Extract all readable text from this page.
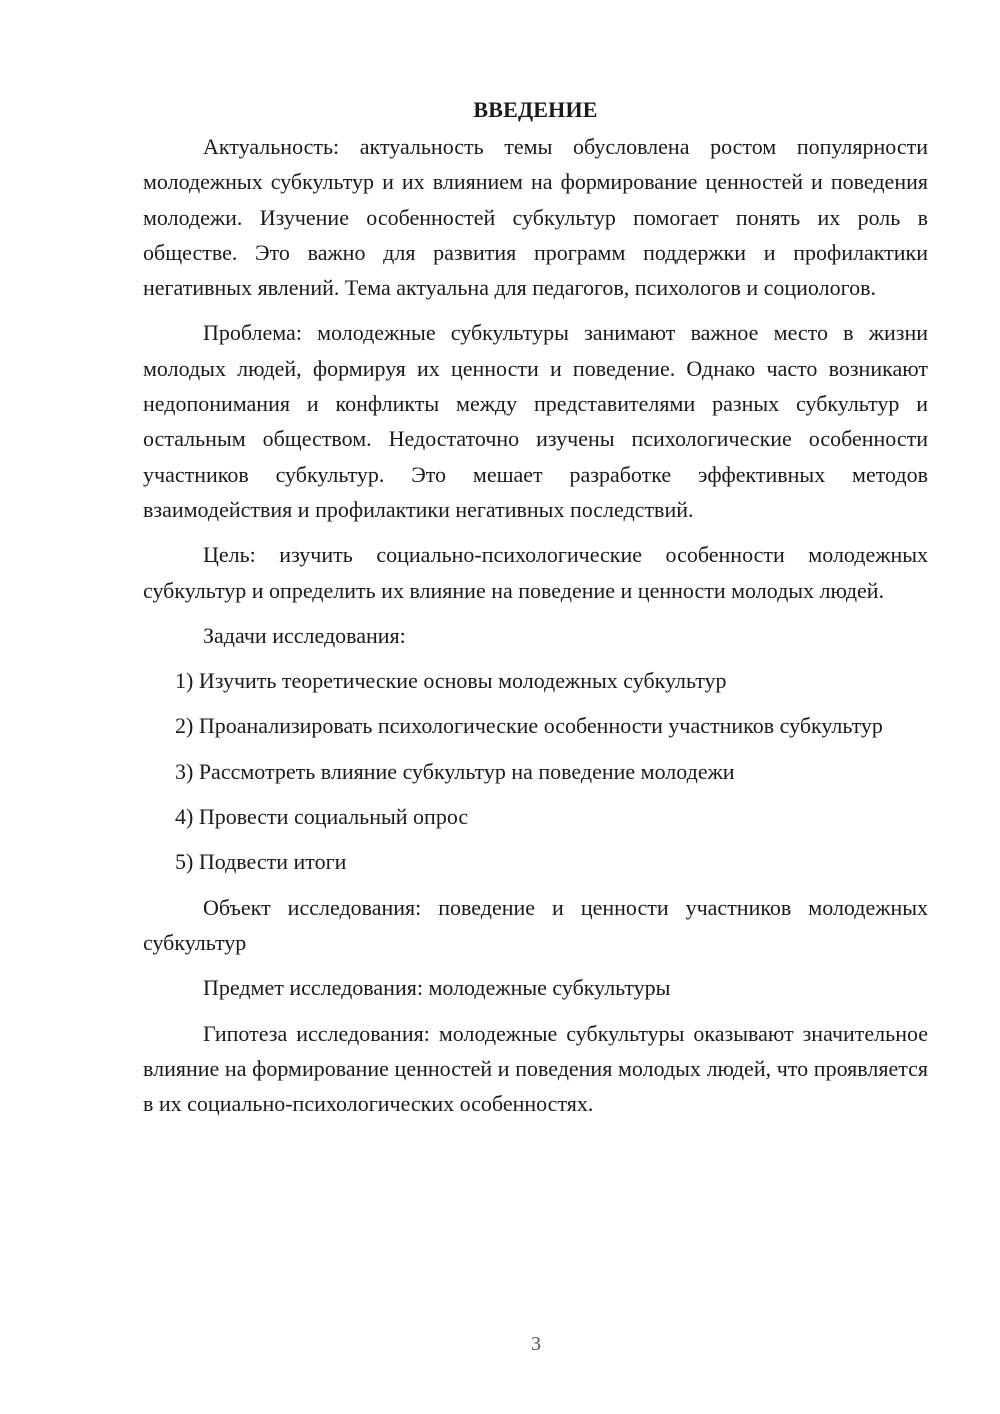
ВВЕДЕНИЕ

Актуальность: актуальность темы обусловлена ростом популярности молодежных субкультур и их влиянием на формирование ценностей и поведения молодежи. Изучение особенностей субкультур помогает понять их роль в обществе. Это важно для развития программ поддержки и профилактики негативных явлений. Тема актуальна для педагогов, психологов и социологов.

Проблема: молодежные субкультуры занимают важное место в жизни молодых людей, формируя их ценности и поведение. Однако часто возникают недопонимания и конфликты между представителями разных субкультур и остальным обществом. Недостаточно изучены психологические особенности участников субкультур. Это мешает разработке эффективных методов взаимодействия и профилактики негативных последствий.

Цель: изучить социально-психологические особенности молодежных субкультур и определить их влияние на поведение и ценности молодых людей.

Задачи исследования:

1) Изучить теоретические основы молодежных субкультур

2) Проанализировать психологические особенности участников субкультур

3) Рассмотреть влияние субкультур на поведение молодежи

4) Провести социальный опрос

5) Подвести итоги

Объект исследования: поведение и ценности участников молодежных субкультур

Предмет исследования: молодежные субкультуры

Гипотеза исследования: молодежные субкультуры оказывают значительное влияние на формирование ценностей и поведения молодых людей, что проявляется в их социально-психологических особенностях.

3
